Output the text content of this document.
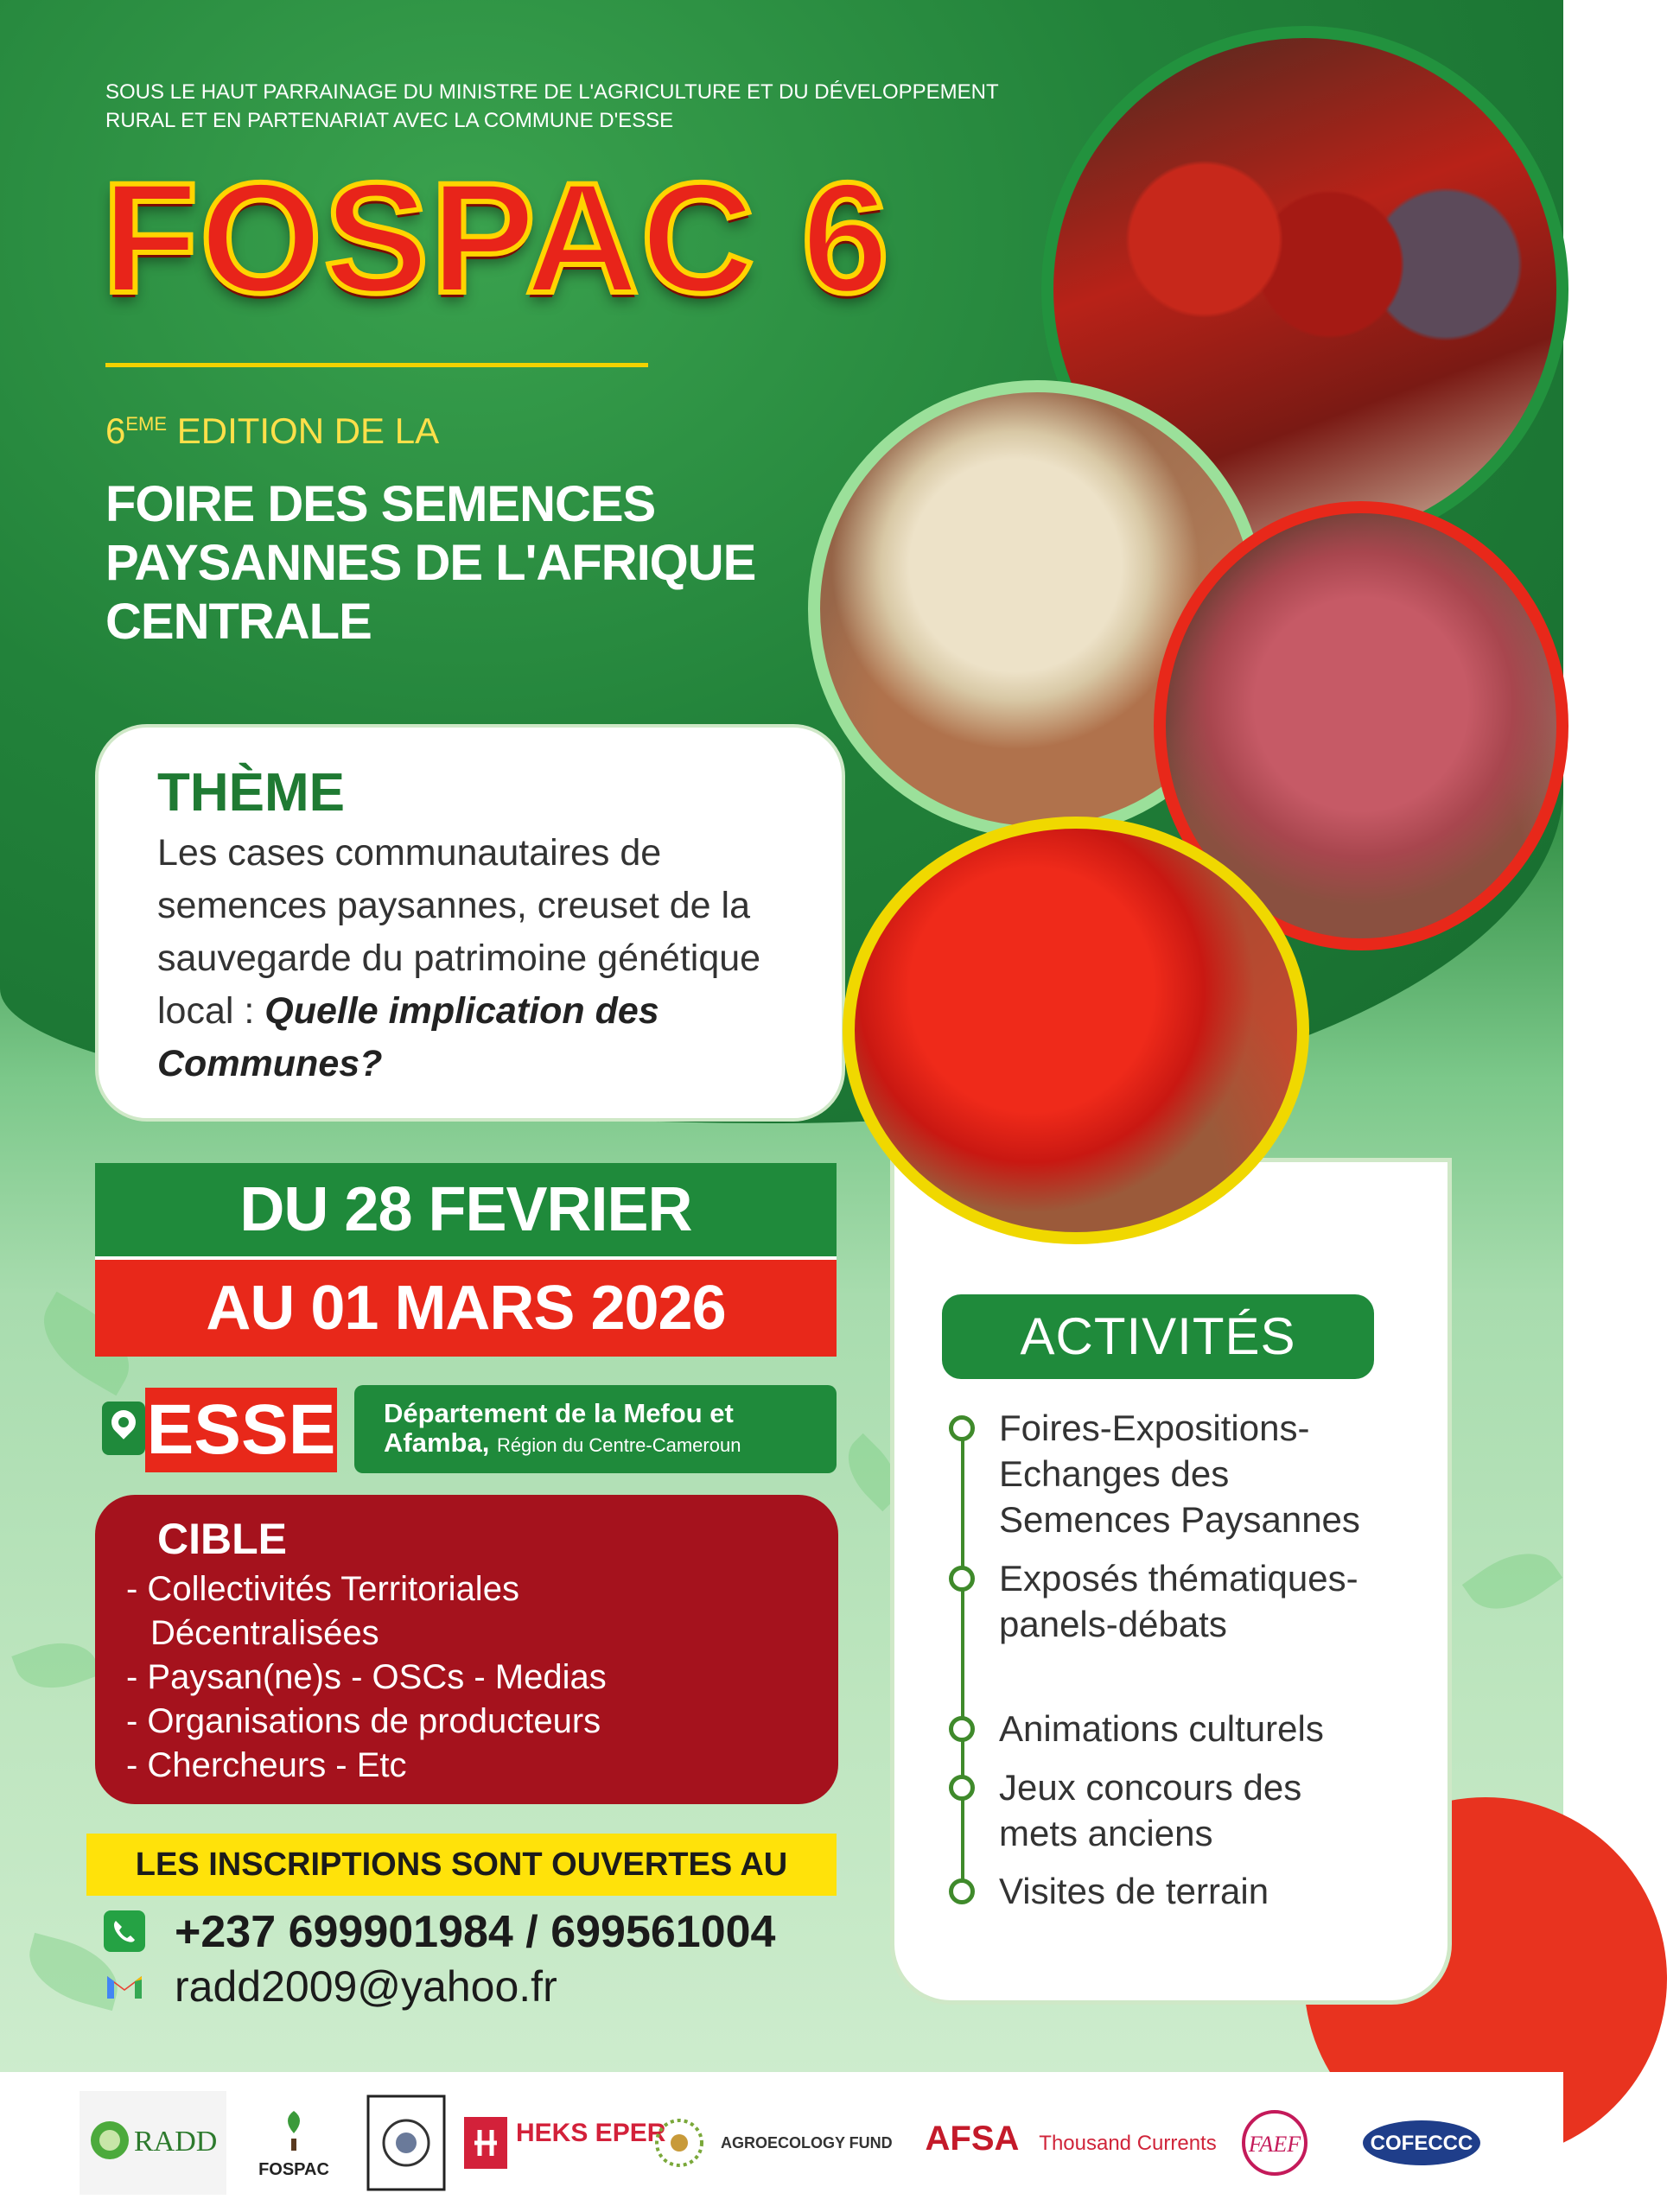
SOUS LE HAUT PARRAINAGE DU MINISTRE DE L'AGRICULTURE ET DU DÉVELOPPEMENT RURAL ET EN PARTENARIAT AVEC LA COMMUNE D'ESSE
FOSPAC 6
6EME EDITION DE LA
FOIRE DES SEMENCES PAYSANNES DE L'AFRIQUE CENTRALE
THÈME

Les cases communautaires de semences paysannes, creuset de la sauvegarde du patrimoine génétique local : Quelle implication des Communes?

DU 28 FEVRIER
AU 01 MARS 2026
ESSE	Département de la Mefou et Afamba, Région du Centre-Cameroun
CIBLE
- Collectivités Territoriales
Décentralisées
- Paysan(ne)s - OSCs - Medias
- Organisations de producteurs
- Chercheurs - Etc
LES INSCRIPTIONS SONT OUVERTES AU
+237 699901984 / 699561004
radd2009@yahoo.fr
ACTIVITÉS
Foires-Expositions-Echanges des Semences Paysannes
Exposés thématiques-panels-débats
Animations culturels
Jeux concours des mets anciens
Visites de terrain
RADD
FOSPAC
HEKS EPER	AGROECOLOGY FUND AFSA Thousand Currents FAEF	COFECCC
